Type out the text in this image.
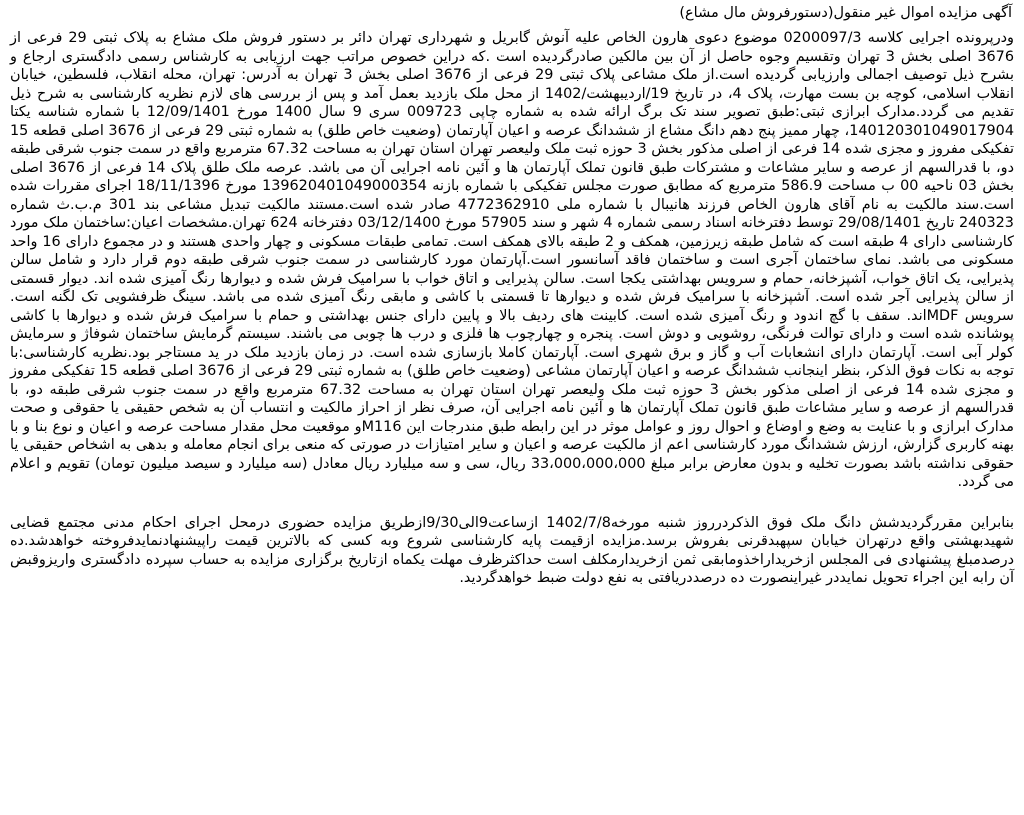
آگهی مزایده اموال غیر منقول(دستورفروش مال مشاع)

ودرپرونده اجرایی کلاسه 0200097/3 موضوع دعوی هارون الخاص علیه آنوش گابریل و شهرداری تهران دائر بر دستور فروش ملک مشاع به پلاک ثبتی 29 فرعی از 3676 اصلی بخش 3 تهران وتقسیم وجوه حاصل از آن بین مالکین صادرگردیده است .که دراین خصوص مراتب جهت ارزیابی به کارشناس رسمی دادگستری ارجاع و بشرح ذیل توصیف اجمالی وارزیابی گردیده است.از ملک مشاعی پلاک ثبتی 29 فرعی از 3676 اصلی بخش 3 تهران به آدرس: تهران، محله انقلاب، فلسطین، خیابان انقلاب اسلامی، کوچه بن بست مهارت، پلاک 4، در تاریخ 19/اردیبهشت/1402 از محل ملک بازدید بعمل آمد و پس از بررسی های لازم نظریه کارشناسی به شرح ذیل تقدیم می گردد.مدارک ابرازی ثبتی:طبق تصویر سند تک برگ ارائه شده به شماره چاپی 009723 سری 9 سال 1400 مورخ 12/09/1401 با شماره شناسه یکتا 140120301049017904، چهار ممیز پنج دهم دانگ مشاع از ششدانگ عرصه و اعیان آپارتمان (وضعیت خاص طلق) به شماره ثبتی 29 فرعی از 3676 اصلی قطعه 15 تفکیکی مفروز و مجزی شده 14 فرعی از اصلی مذکور بخش 3 حوزه ثبت ملک ولیعصر تهران استان تهران به مساحت 67.32 مترمربع واقع در سمت جنوب شرقی طبقه دو، با قدرالسهم از عرصه و سایر مشاعات و مشترکات طبق قانون تملک آپارتمان ها و آئین نامه اجرایی آن می باشد. عرصه ملک طلق پلاک 14 فرعی از 3676 اصلی بخش 03 ناحیه 00 ب مساحت 586.9 مترمربع که مطابق صورت مجلس تفکیکی با شماره بازنه 139620401049000354 مورخ 18/11/1396 اجرای مقررات شده است.سند مالکیت به نام آقای هارون الخاص فرزند هانیبال با شماره ملی 4772362910 صادر شده است.مستند مالکیت تبدیل مشاعی بند 301 م.ب.ث شماره 240323 تاریخ 29/08/1401 توسط دفترخانه اسناد رسمی شماره 4 شهر و سند 57905 مورخ 03/12/1400 دفترخانه 624 تهران.مشخصات اعیان:ساختمان ملک مورد کارشناسی دارای 4 طبقه است که شامل طبقه زیرزمین، همکف و 2 طبقه بالای همکف است. تمامی طبقات مسکونی و چهار واحدی هستند و در مجموع دارای 16 واحد مسکونی می باشد. نمای ساختمان آجری است و ساختمان فاقد آسانسور است.آپارتمان مورد کارشناسی در سمت جنوب شرقی طبقه دوم قرار دارد و شامل سالن پذیرایی، یک اتاق خواب، آشپزخانه، حمام و سرویس بهداشتی یکجا است. سالن پذیرایی و اتاق خواب با سرامیک فرش شده و دیوارها رنگ آمیزی شده اند. دیوار قسمتی از سالن پذیرایی آجر شده است. آشپزخانه با سرامیک فرش شده و دیوارها تا قسمتی با کاشی و مابقی رنگ آمیزی شده می باشد. سینگ ظرفشویی تک لگنه است. سرویس MDFاند. سقف با گچ اندود و رنگ آمیزی شده است. کابینت های ردیف بالا و پایین دارای جنس بهداشتی و حمام با سرامیک فرش شده و دیوارها با کاشی پوشانده شده است و دارای توالت فرنگی، روشویی و دوش است. پنجره و چهارچوب ها فلزی و درب ها چوبی می باشند. سیستم گرمایش ساختمان شوفاژ و سرمایش کولر آبی است. آپارتمان دارای انشعابات آب و گاز و برق شهری است. آپارتمان کاملا بازسازی شده است. در زمان بازدید ملک در ید مستاجر بود.نظریه کارشناسی:با توجه به نکات فوق الذکر، بنظر اینجانب ششدانگ عرصه و اعیان آپارتمان مشاعی (وضعیت خاص طلق) به شماره ثبتی 29 فرعی از 3676 اصلی قطعه 15 تفکیکی مفروز و مجزی شده 14 فرعی از اصلی مذکور بخش 3 حوزه ثبت ملک ولیعصر تهران استان تهران به مساحت 67.32 مترمربع واقع در سمت جنوب شرقی طبقه دو، با قدرالسهم از عرصه و سایر مشاعات طبق قانون تملک آپارتمان ها و آئین نامه اجرایی آن، صرف نظر از احراز مالکیت و انتساب آن به شخص حقیقی یا حقوقی و صحت مدارک ابرازی و با عنایت به وضع و اوضاع و احوال روز و عوامل موثر در این رابطه طبق مندرجات این M116و موقعیت محل مقدار مساحت عرصه و اعیان و نوع بنا و با بهنه کاربری گزارش، ارزش ششدانگ مورد کارشناسی اعم از مالکیت عرصه و اعیان و سایر امتیازات در صورتی که منعی برای انجام معامله و بدهی به اشخاص حقیقی یا حقوقی نداشته باشد بصورت تخلیه و بدون معارض برابر مبلغ 33،000،000،000 ریال، سی و سه میلیارد ریال معادل (سه میلیارد و سیصد میلیون تومان) تقویم و اعلام می گردد.

بنابراین مقررگردیدشش دانگ ملک فوق الذکردرروز شنبه مورخه1402/7/8 ازساعت9الی9/30ازطریق مزایده حضوری درمحل اجرای احکام مدنی مجتمع قضایی شهیدبهشتی واقع درتهران خیابان سپهبدقرنی بفروش برسد.مزایده ازقیمت پایه کارشناسی شروع وبه کسی که بالاترین قیمت راپیشنهادنمایدفروخته خواهدشد.ده درصدمبلغ پیشنهادی فی المجلس ازخریداراخذومابقی ثمن ازخریدارمکلف است حداکثرظرف مهلت یکماه ازتاریخ برگزاری مزایده به حساب سپرده دادگستری واریزوقبض آن رابه این اجراء تحویل نمایددر غیراینصورت ده درصددریافتی به نفع دولت ضبط خواهدگردید.
